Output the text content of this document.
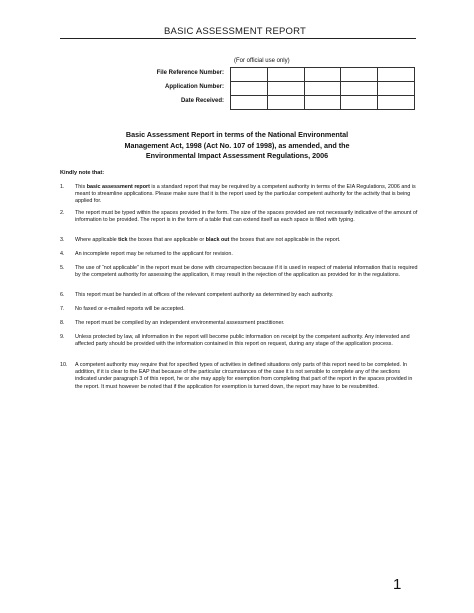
BASIC ASSESSMENT REPORT
(For official use only)
File Reference Number:
Application Number:
Date Received:
Basic Assessment Report in terms of the National Environmental
Management Act, 1998 (Act No. 107 of 1998), as amended, and the
Environmental Impact Assessment Regulations, 2006
Kindly note that:
1. This basic assessment report is a standard report that may be required by a competent authority in terms of the EIA Regulations, 2006 and is meant to streamline applications. Please make sure that it is the report used by the particular competent authority for the activity that is being applied for.
2. The report must be typed within the spaces provided in the form. The size of the spaces provided are not necessarily indicative of the amount of information to be provided. The report is in the form of a table that can extend itself as each space is filled with typing.
3. Where applicable tick the boxes that are applicable or black out the boxes that are not applicable in the report.
4. An incomplete report may be returned to the applicant for revision.
5. The use of “not applicable” in the report must be done with circumspection because if it is used in respect of material information that is required by the competent authority for assessing the application, it may result in the rejection of the application as provided for in the regulations.
6. This report must be handed in at offices of the relevant competent authority as determined by each authority.
7. No faxed or e-mailed reports will be accepted.
8. The report must be compiled by an independent environmental assessment practitioner.
9. Unless protected by law, all information in the report will become public information on receipt by the competent authority. Any interested and affected party should be provided with the information contained in this report on request, during any stage of the application process.
10. A competent authority may require that for specified types of activities in defined situations only parts of this report need to be completed. In addition, if it is clear to the EAP that because of the particular circumstances of the case it is not sensible to complete any of the sections indicated under paragraph 3 of this report, he or she may apply for exemption from completing that part of the report in the spaces provided in the report. It must however be noted that if the application for exemption is turned down, the report may have to be resubmitted.
1
